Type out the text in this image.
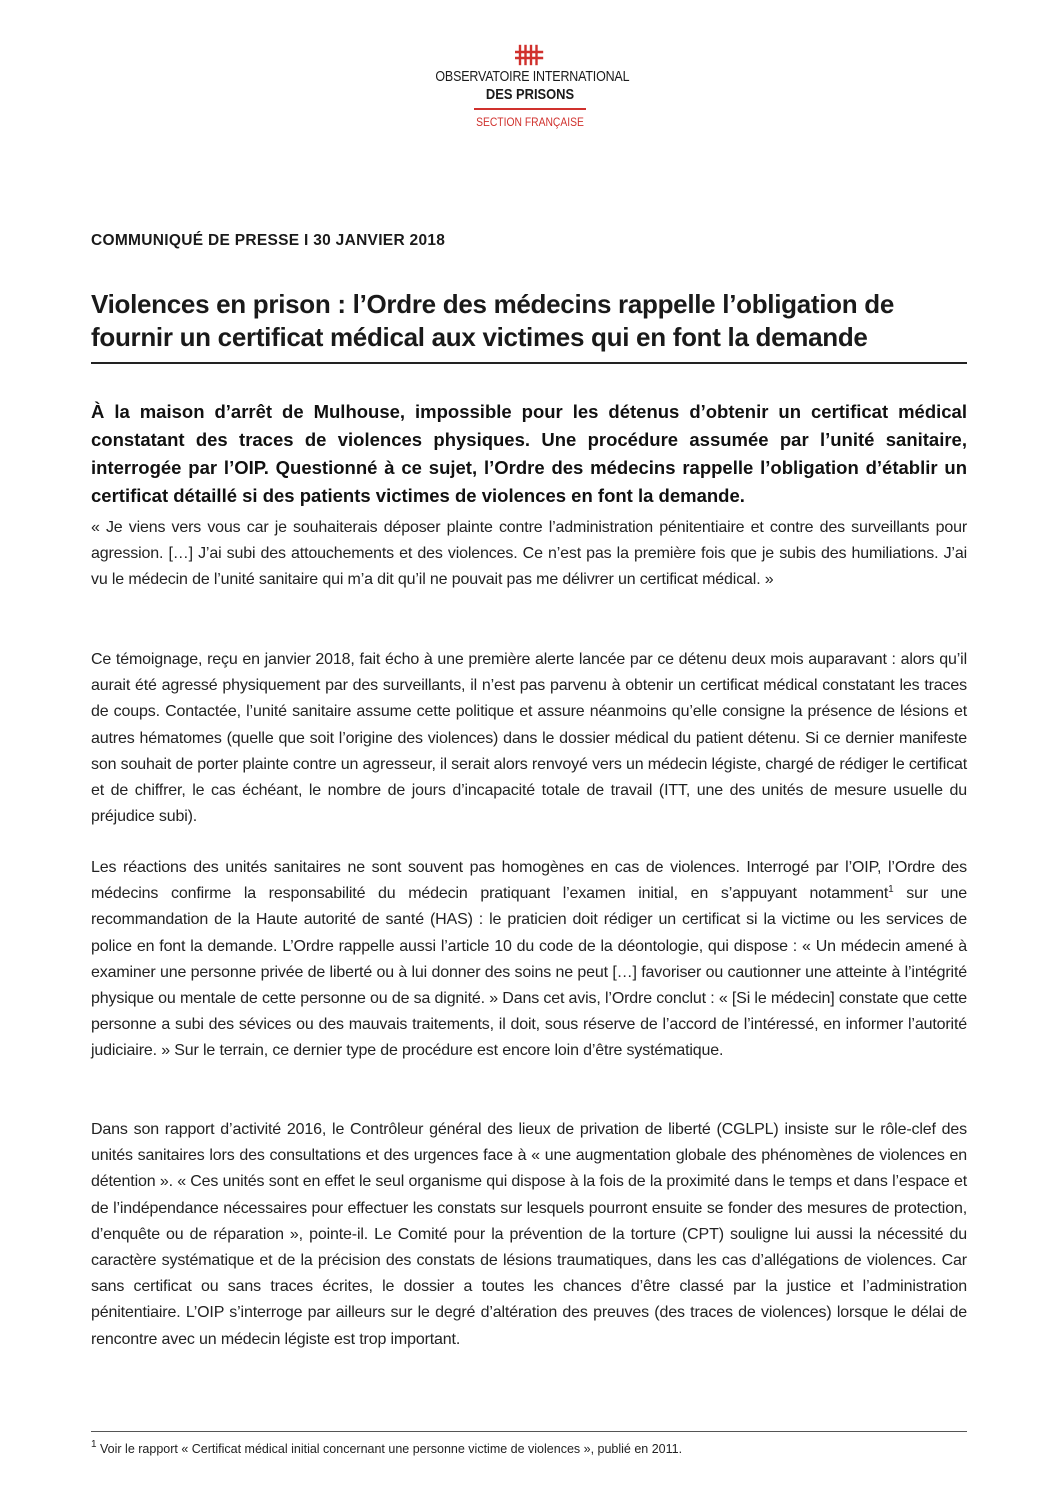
OBSERVATOIRE INTERNATIONAL
DES PRISONS
SECTION FRANÇAISE
COMMUNIQUÉ DE PRESSE I 30 JANVIER 2018
Violences en prison : l’Ordre des médecins rappelle l’obligation de fournir un certificat médical aux victimes qui en font la demande

À la maison d’arrêt de Mulhouse, impossible pour les détenus d’obtenir un certificat médical constatant des traces de violences physiques. Une procédure assumée par l’unité sanitaire, interrogée par l’OIP. Questionné à ce sujet, l’Ordre des médecins rappelle l’obligation d’établir un certificat détaillé si des patients victimes de violences en font la demande.

« Je viens vers vous car je souhaiterais déposer plainte contre l’administration pénitentiaire et contre des surveillants pour agression. […] J’ai subi des attouchements et des violences. Ce n’est pas la première fois que je subis des humiliations. J’ai vu le médecin de l’unité sanitaire qui m’a dit qu’il ne pouvait pas me délivrer un certificat médical. »

Ce témoignage, reçu en janvier 2018, fait écho à une première alerte lancée par ce détenu deux mois auparavant : alors qu’il aurait été agressé physiquement par des surveillants, il n’est pas parvenu à obtenir un certificat médical constatant les traces de coups. Contactée, l’unité sanitaire assume cette politique et assure néanmoins qu’elle consigne la présence de lésions et autres hématomes (quelle que soit l’origine des violences) dans le dossier médical du patient détenu. Si ce dernier manifeste son souhait de porter plainte contre un agresseur, il serait alors renvoyé vers un médecin légiste, chargé de rédiger le certificat et de chiffrer, le cas échéant, le nombre de jours d’incapacité totale de travail (ITT, une des unités de mesure usuelle du préjudice subi).

Les réactions des unités sanitaires ne sont souvent pas homogènes en cas de violences. Interrogé par l’OIP, l’Ordre des médecins confirme la responsabilité du médecin pratiquant l’examen initial, en s’appuyant notamment$^1$ sur une recommandation de la Haute autorité de santé (HAS) : le praticien doit rédiger un certificat si la victime ou les services de police en font la demande. L’Ordre rappelle aussi l’article 10 du code de la déontologie, qui dispose : « Un médecin amené à examiner une personne privée de liberté ou à lui donner des soins ne peut […] favoriser ou cautionner une atteinte à l’intégrité physique ou mentale de cette personne ou de sa dignité. » Dans cet avis, l’Ordre conclut : « [Si le médecin] constate que cette personne a subi des sévices ou des mauvais traitements, il doit, sous réserve de l’accord de l’intéressé, en informer l’autorité judiciaire. » Sur le terrain, ce dernier type de procédure est encore loin d’être systématique.

Dans son rapport d’activité 2016, le Contrôleur général des lieux de privation de liberté (CGLPL) insiste sur le rôle-clef des unités sanitaires lors des consultations et des urgences face à « une augmentation globale des phénomènes de violences en détention ». « Ces unités sont en effet le seul organisme qui dispose à la fois de la proximité dans le temps et dans l’espace et de l’indépendance nécessaires pour effectuer les constats sur lesquels pourront ensuite se fonder des mesures de protection, d’enquête ou de réparation », pointe-il. Le Comité pour la prévention de la torture (CPT) souligne lui aussi la nécessité du caractère systématique et de la précision des constats de lésions traumatiques, dans les cas d’allégations de violences. Car sans certificat ou sans traces écrites, le dossier a toutes les chances d’être classé par la justice et l’administration pénitentiaire. L’OIP s’interroge par ailleurs sur le degré d’altération des preuves (des traces de violences) lorsque le délai de rencontre avec un médecin légiste est trop important.

$^1$ Voir le rapport « Certificat médical initial concernant une personne victime de violences », publié en 2011.
